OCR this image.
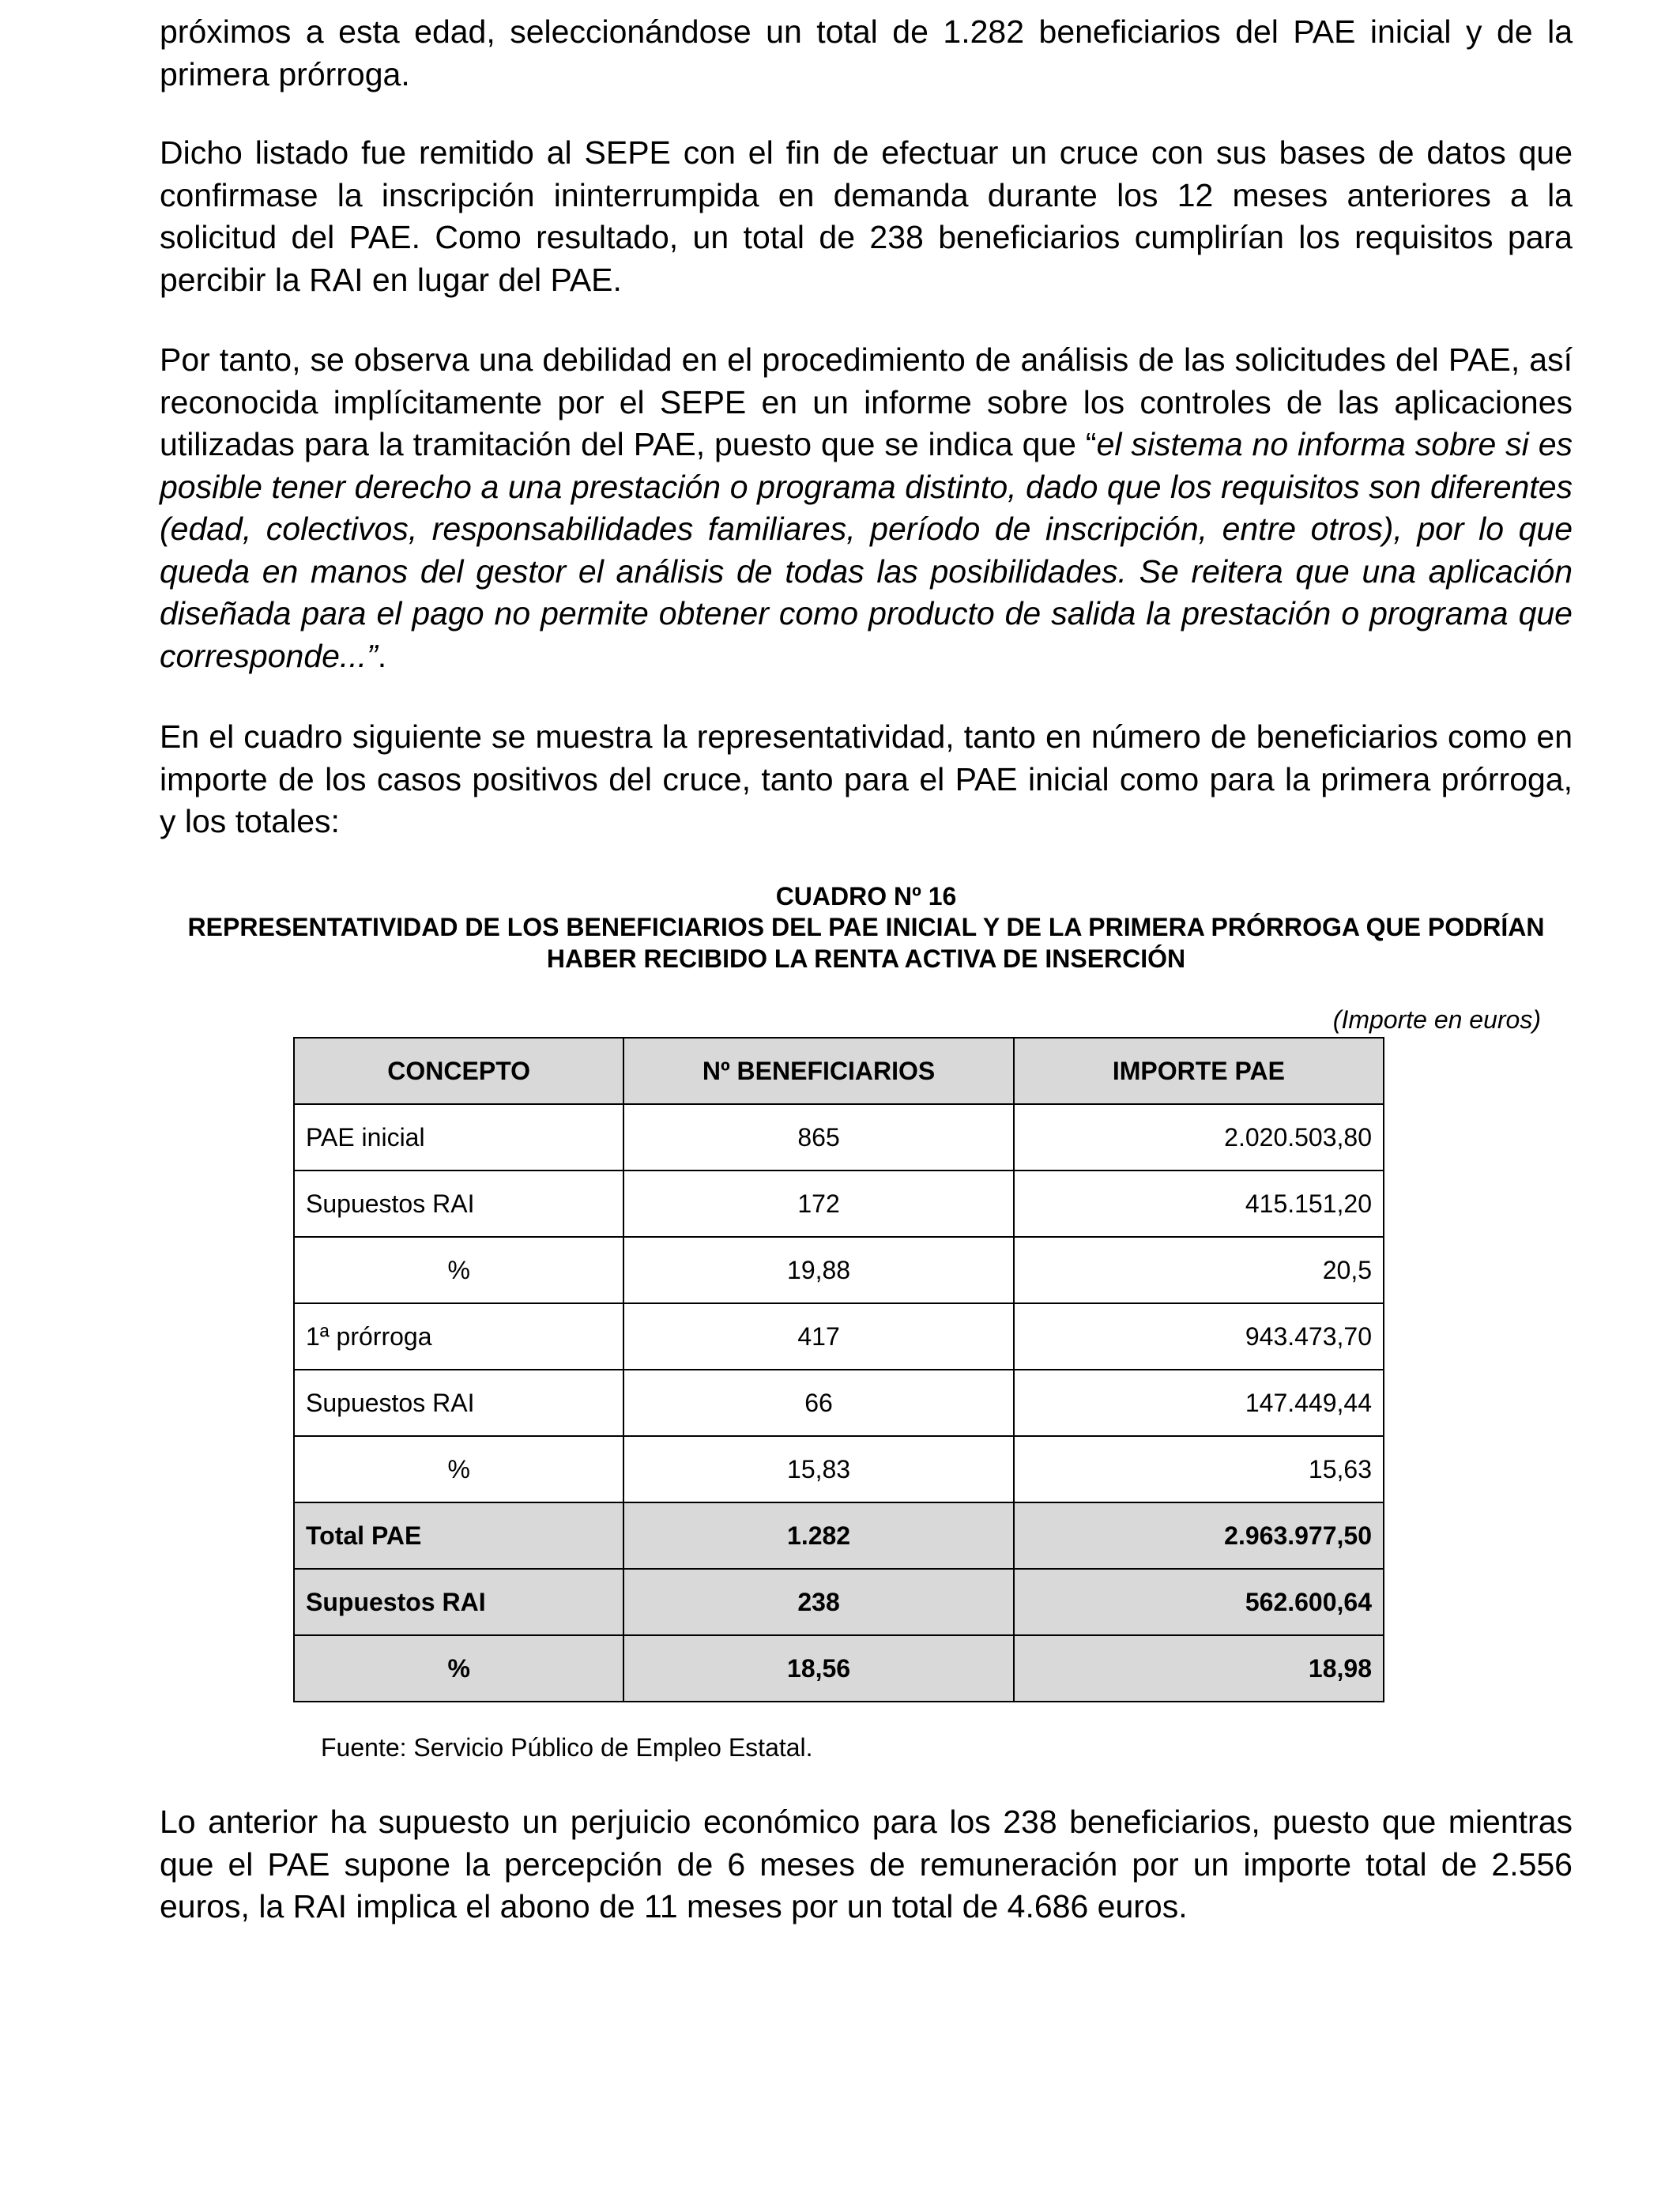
próximos a esta edad, seleccionándose un total de 1.282 beneficiarios del PAE inicial y de la primera prórroga.

Dicho listado fue remitido al SEPE con el fin de efectuar un cruce con sus bases de datos que confirmase la inscripción ininterrumpida en demanda durante los 12 meses anteriores a la solicitud del PAE. Como resultado, un total de 238 beneficiarios cumplirían los requisitos para percibir la RAI en lugar del PAE.

Por tanto, se observa una debilidad en el procedimiento de análisis de las solicitudes del PAE, así reconocida implícitamente por el SEPE en un informe sobre los controles de las aplicaciones utilizadas para la tramitación del PAE, puesto que se indica que “el sistema no informa sobre si es posible tener derecho a una prestación o programa distinto, dado que los requisitos son diferentes (edad, colectivos, responsabilidades familiares, período de inscripción, entre otros), por lo que queda en manos del gestor el análisis de todas las posibilidades. Se reitera que una aplicación diseñada para el pago no permite obtener como producto de salida la prestación o programa que corresponde...”.

En el cuadro siguiente se muestra la representatividad, tanto en número de beneficiarios como en importe de los casos positivos del cruce, tanto para el PAE inicial como para la primera prórroga, y los totales:

CUADRO Nº 16
REPRESENTATIVIDAD DE LOS BENEFICIARIOS DEL PAE INICIAL Y DE LA PRIMERA PRÓRROGA QUE PODRÍAN HABER RECIBIDO LA RENTA ACTIVA DE INSERCIÓN
(Importe en euros)
CONCEPTO	Nº BENEFICIARIOS	IMPORTE PAE
PAE inicial	865	2.020.503,80
Supuestos RAI	172	415.151,20
%	19,88	20,5
1ª prórroga	417	943.473,70
Supuestos RAI	66	147.449,44
%	15,83	15,63
Total PAE	1.282	2.963.977,50
Supuestos RAI	238	562.600,64
%	18,56	18,98
Fuente: Servicio Público de Empleo Estatal.

Lo anterior ha supuesto un perjuicio económico para los 238 beneficiarios, puesto que mientras que el PAE supone la percepción de 6 meses de remuneración por un importe total de 2.556 euros, la RAI implica el abono de 11 meses por un total de 4.686 euros.
